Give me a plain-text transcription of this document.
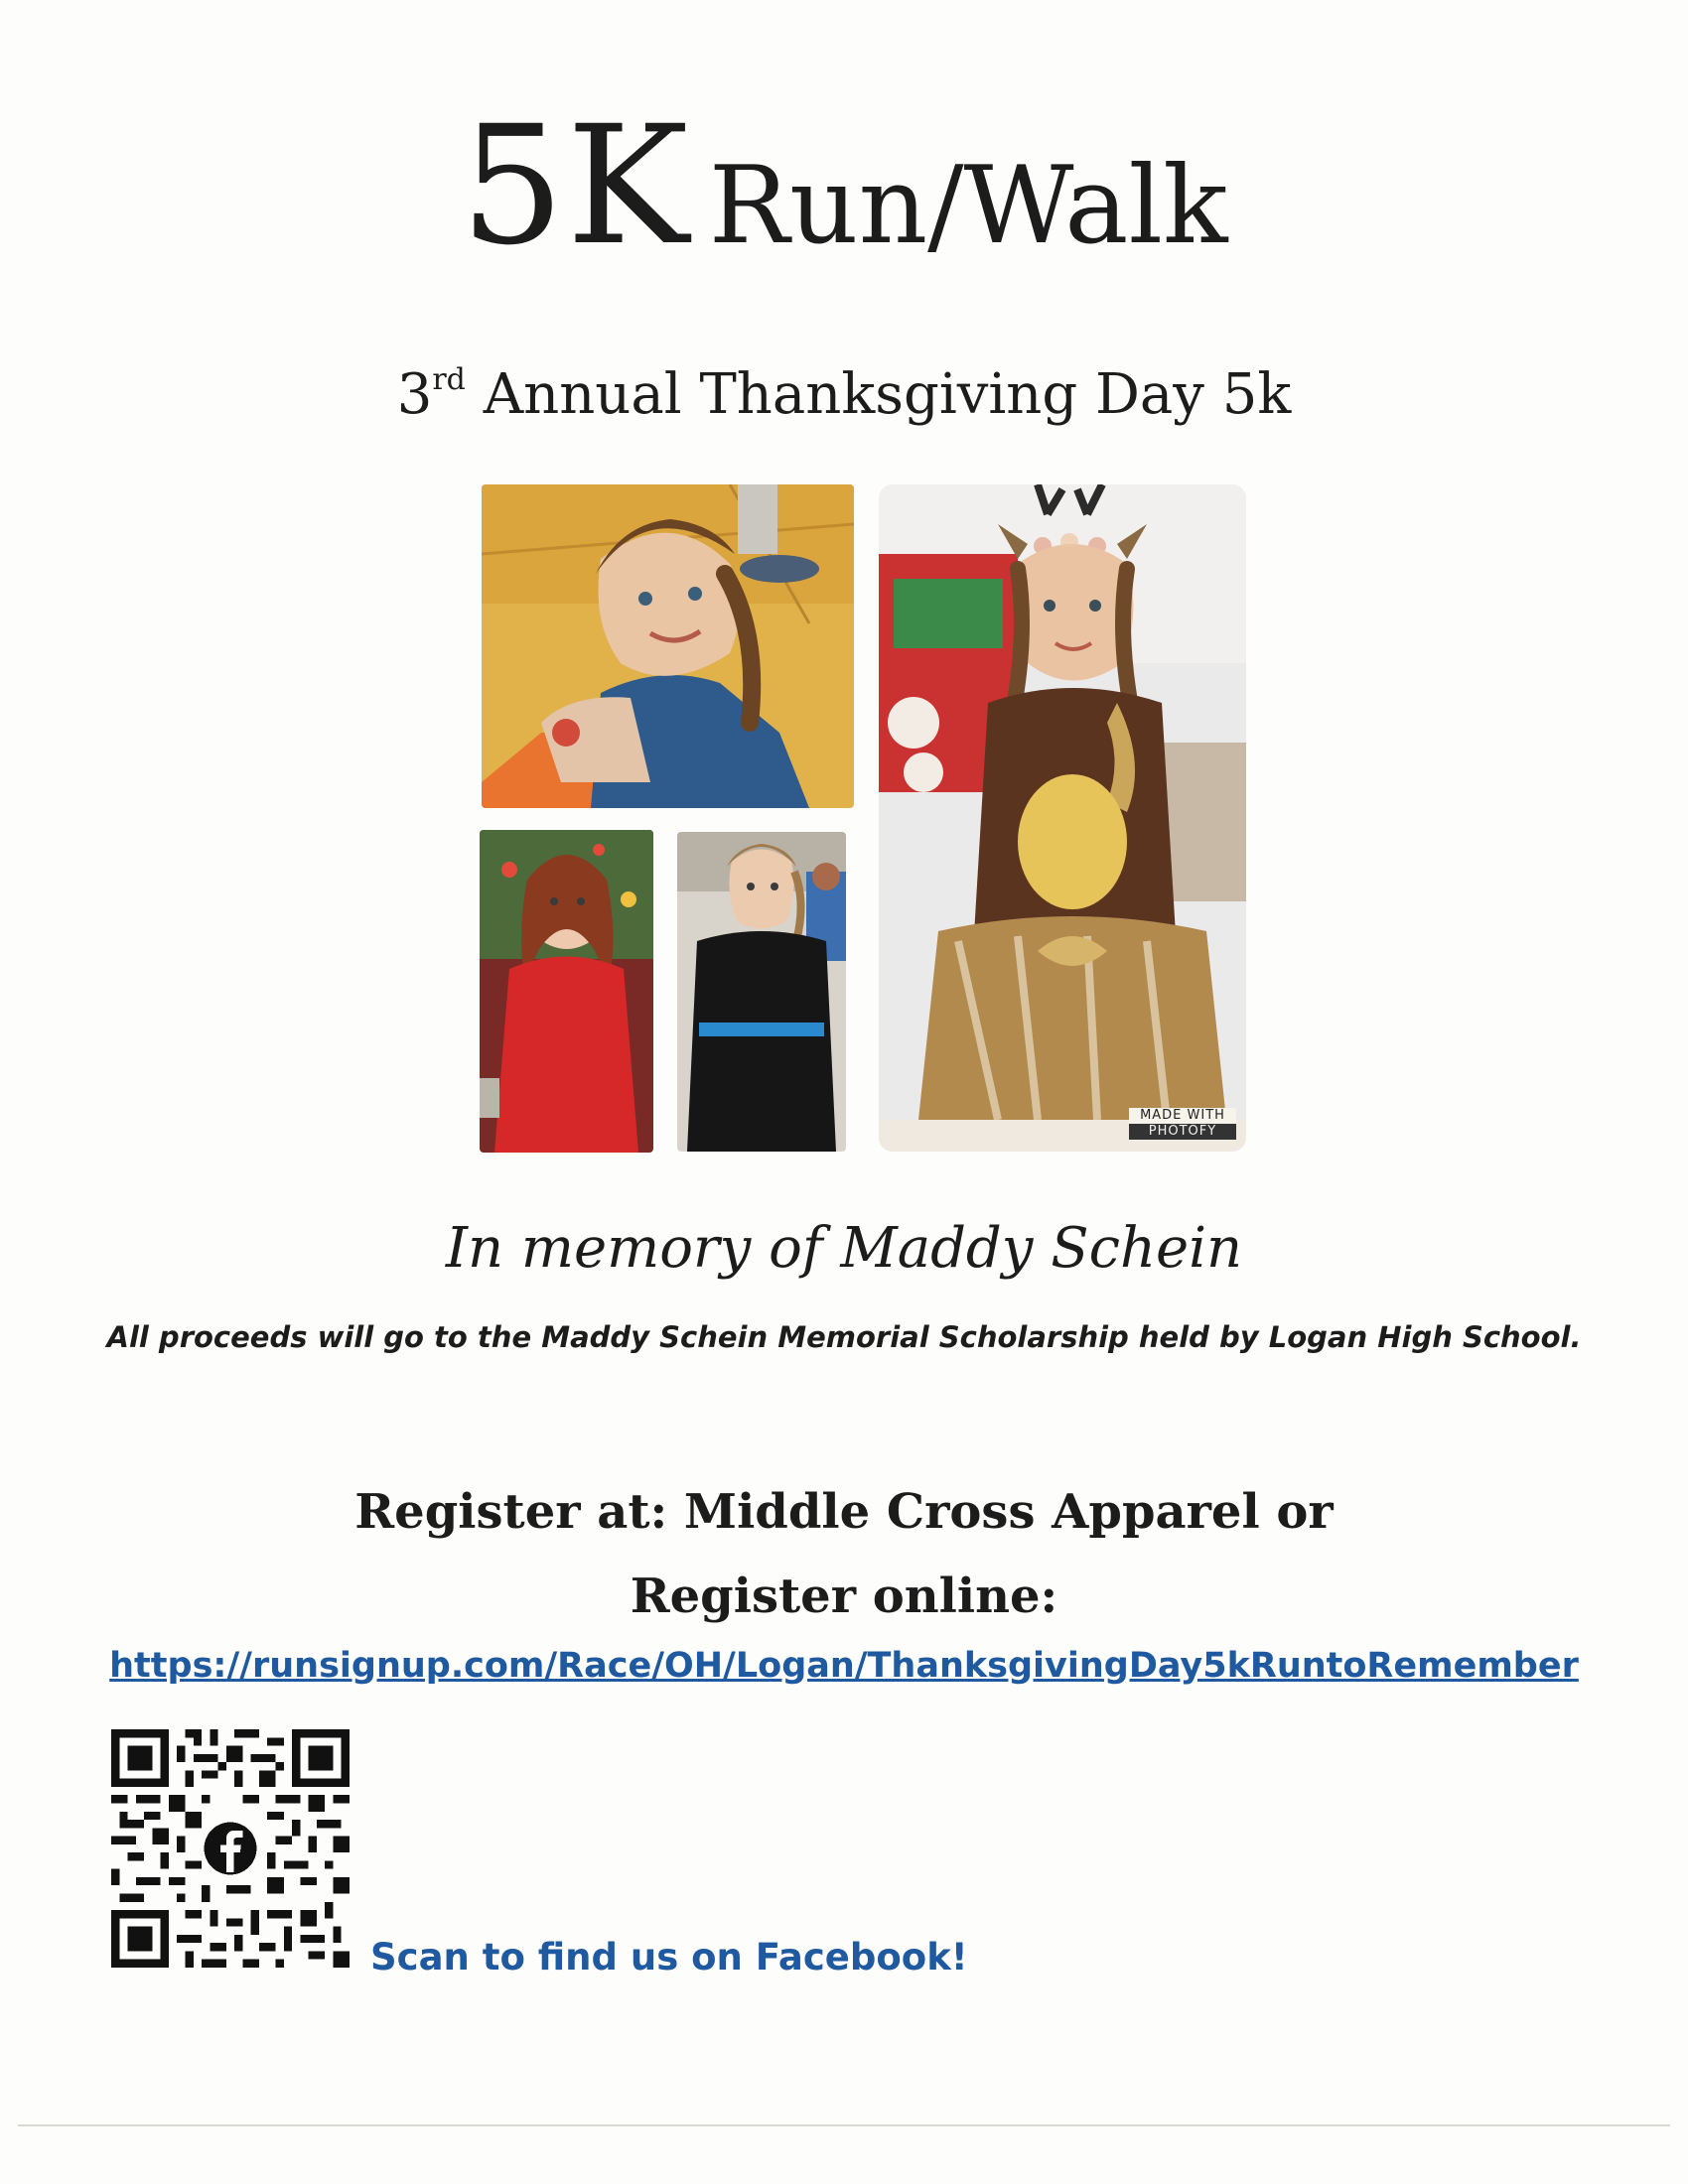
5K Run/Walk
3rd Annual Thanksgiving Day 5k
MADE WITH
PHOTOFY
In memory of Maddy Schein
All proceeds will go to the Maddy Schein Memorial Scholarship held by Logan High School.
Register at: Middle Cross Apparel or
Register online:
https://runsignup.com/Race/OH/Logan/ThanksgivingDay5kRuntoRemember
Scan to find us on Facebook!
